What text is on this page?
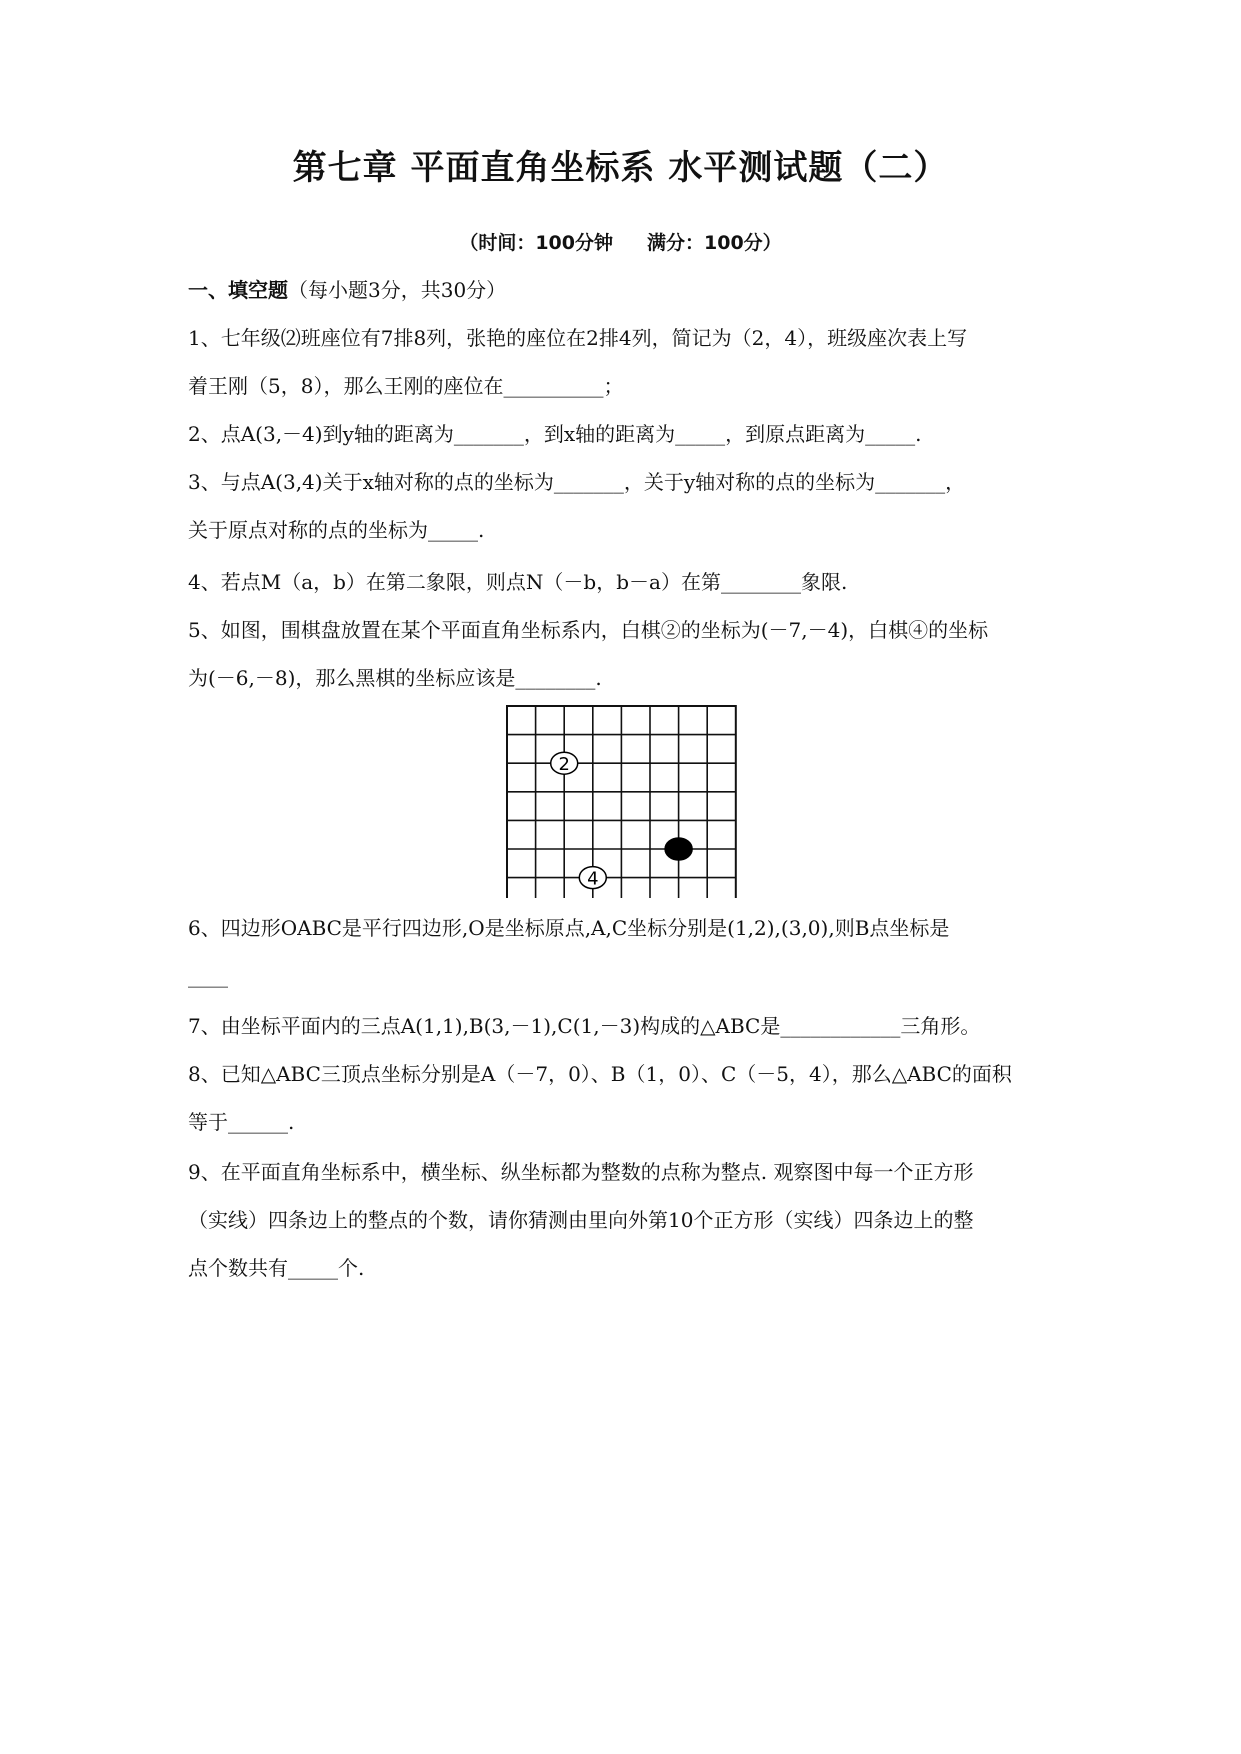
第七章 平面直角坐标系 水平测试题（二）
（时间：100分钟 满分：100分）
一、填空题（每小题3分，共30分）
1、七年级⑵班座位有7排8列，张艳的座位在2排4列，简记为（2，4），班级座次表上写
着王刚（5，8），那么王刚的座位在__________；
2、点A(3,－4)到y轴的距离为_______，到x轴的距离为_____，到原点距离为_____.
3、与点A(3,4)关于x轴对称的点的坐标为_______，关于y轴对称的点的坐标为_______，
关于原点对称的点的坐标为_____.
4、若点M（a，b）在第二象限，则点N（－b，b－a）在第________象限.
5、如图，围棋盘放置在某个平面直角坐标系内，白棋②的坐标为(－7,－4)，白棋④的坐标
为(－6,－8)，那么黑棋的坐标应该是________.
6、四边形OABC是平行四边形,O是坐标原点,A,C坐标分别是(1,2),(3,0),则B点坐标是
____
7、由坐标平面内的三点A(1,1),B(3,－1),C(1,－3)构成的△ABC是____________三角形。
8、已知△ABC三顶点坐标分别是A（－7，0）、B（1，0）、C（－5，4），那么△ABC的面积
等于______.
9、在平面直角坐标系中，横坐标、纵坐标都为整数的点称为整点. 观察图中每一个正方形
（实线）四条边上的整点的个数，请你猜测由里向外第10个正方形（实线）四条边上的整
点个数共有_____个.
2
4
